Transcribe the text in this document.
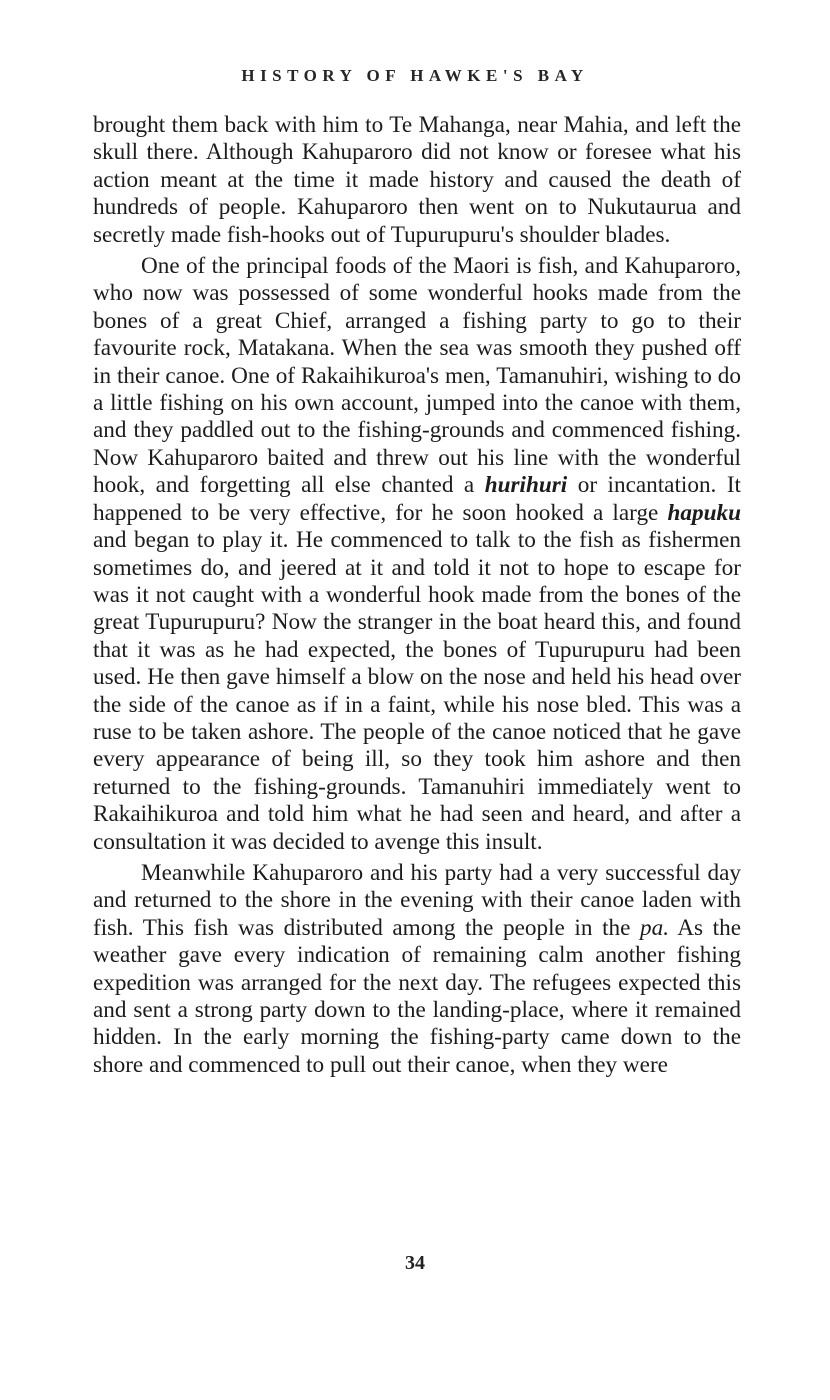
HISTORY OF HAWKE'S BAY

brought them back with him to Te Mahanga, near Mahia, and left the skull there. Although Kahuparoro did not know or foresee what his action meant at the time it made history and caused the death of hundreds of people. Kahuparoro then went on to Nukutaurua and secretly made fish-hooks out of Tupurupuru's shoulder blades.

One of the principal foods of the Maori is fish, and Kahuparoro, who now was possessed of some wonderful hooks made from the bones of a great Chief, arranged a fishing party to go to their favourite rock, Matakana. When the sea was smooth they pushed off in their canoe. One of Rakaihikuroa's men, Tamanuhiri, wishing to do a little fishing on his own account, jumped into the canoe with them, and they paddled out to the fishing-grounds and commenced fishing. Now Kahuparoro baited and threw out his line with the wonderful hook, and forgetting all else chanted a hurihuri or incantation. It happened to be very effective, for he soon hooked a large hapuku and began to play it. He commenced to talk to the fish as fishermen sometimes do, and jeered at it and told it not to hope to escape for was it not caught with a wonderful hook made from the bones of the great Tupurupuru? Now the stranger in the boat heard this, and found that it was as he had expected, the bones of Tupurupuru had been used. He then gave himself a blow on the nose and held his head over the side of the canoe as if in a faint, while his nose bled. This was a ruse to be taken ashore. The people of the canoe noticed that he gave every appearance of being ill, so they took him ashore and then returned to the fishing-grounds. Tamanuhiri immediately went to Rakaihikuroa and told him what he had seen and heard, and after a consultation it was decided to avenge this insult.

Meanwhile Kahuparoro and his party had a very successful day and returned to the shore in the evening with their canoe laden with fish. This fish was distributed among the people in the pa. As the weather gave every indication of remaining calm another fishing expedition was arranged for the next day. The refugees expected this and sent a strong party down to the landing-place, where it remained hidden. In the early morning the fishing-party came down to the shore and commenced to pull out their canoe, when they were

34
